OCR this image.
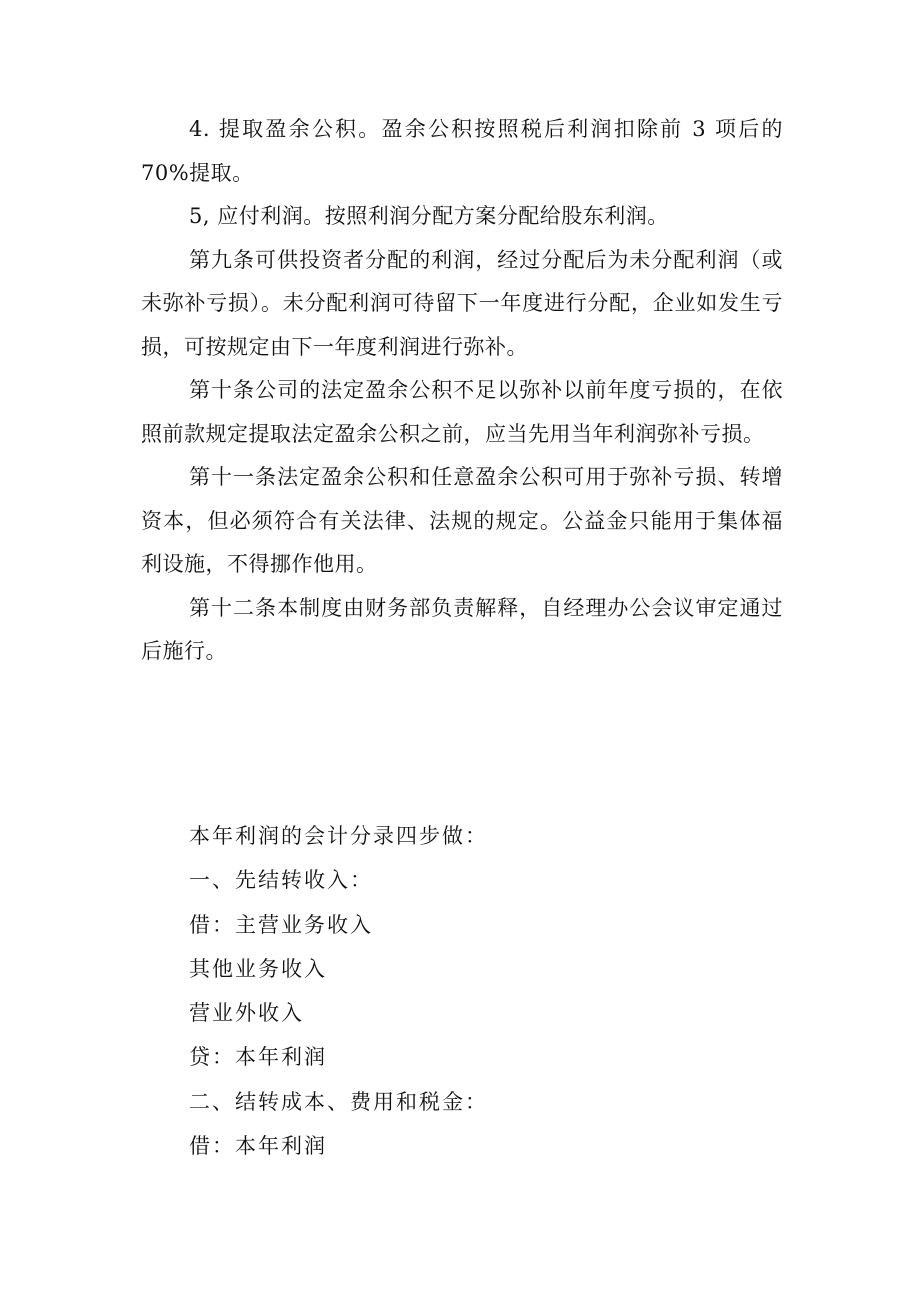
4. 提取盈余公积。盈余公积按照税后利润扣除前 3 项后的 70%提取。

5, 应付利润。按照利润分配方案分配给股东利润。

第九条可供投资者分配的利润，经过分配后为未分配利润（或未弥补亏损）。未分配利润可待留下一年度进行分配，企业如发生亏损，可按规定由下一年度利润进行弥补。

第十条公司的法定盈余公积不足以弥补以前年度亏损的，在依照前款规定提取法定盈余公积之前，应当先用当年利润弥补亏损。

第十一条法定盈余公积和任意盈余公积可用于弥补亏损、转增资本，但必须符合有关法律、法规的规定。公益金只能用于集体福利设施，不得挪作他用。

第十二条本制度由财务部负责解释，自经理办公会议审定通过后施行。

本年利润的会计分录四步做：

一、先结转收入：

借：主营业务收入

其他业务收入

营业外收入

贷：本年利润

二、结转成本、费用和税金：

借：本年利润
